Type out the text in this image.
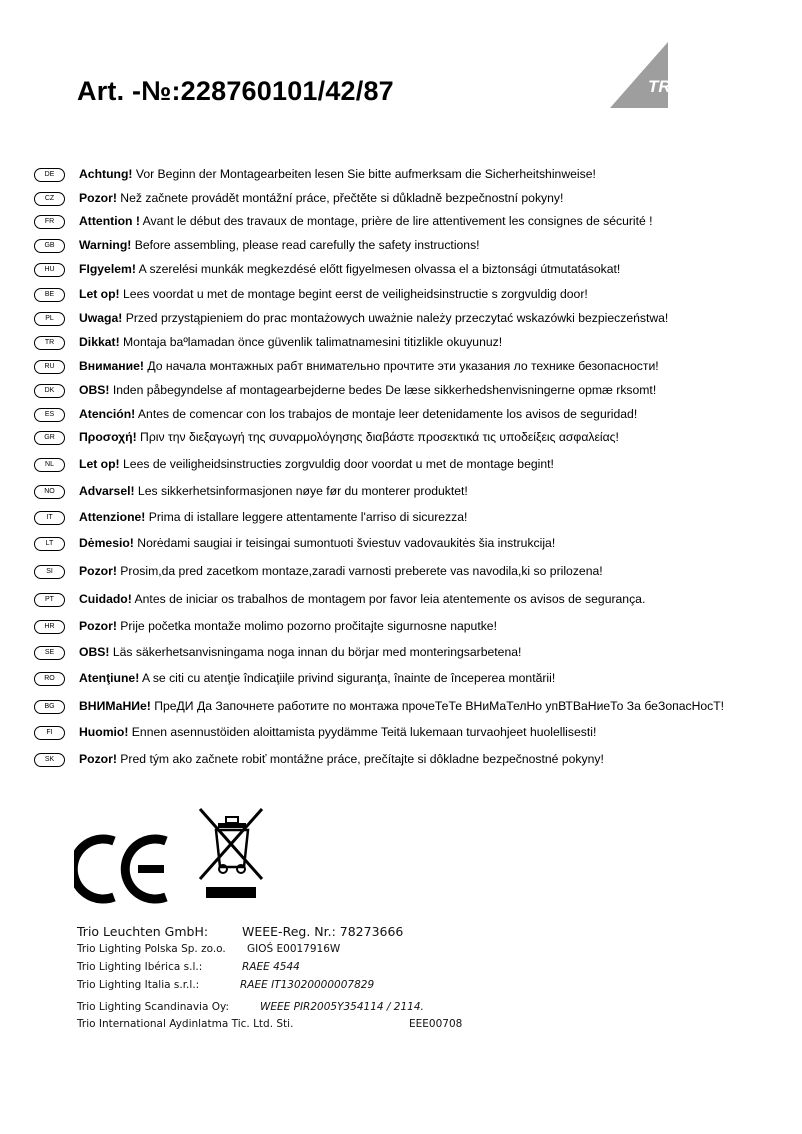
Art. -№:228760101/42/87	TRIO
DE	Achtung! Vor Beginn der Montagearbeiten lesen Sie bitte aufmerksam die Sicherheitshinweise!
CZ	Pozor! Než začnete provádět montážní práce, přečtěte si důkladně bezpečnostní pokyny!
FR	Attention ! Avant le début des travaux de montage, prière de lire attentivement les consignes de sécurité !
GB	Warning! Before assembling, please read carefully the safety instructions!
HU	FIgyelem! A szerelési munkák megkezdésé előtt figyelmesen olvassa el a biztonsági útmutatásokat!
BE	Let op! Lees voordat u met de montage begint eerst de veiligheidsinstructie s zorgvuldig door!
PL	Uwaga! Przed przystąpieniem do prac montażowych uważnie należy przeczytać wskazówki bezpieczeństwa!
TR	Dikkat! Montaja baºlamadan önce güvenlik talimatnamesini titizlikle okuyunuz!
RU	Внимание! До начала монтажных рабт внимательно прочтите эти указания ло технике безопасности!
DK	OBS! Inden påbegyndelse af montagearbejderne bedes De læse sikkerhedshenvisningerne opmæ rksomt!
ES	Atención! Antes de comencar con los trabajos de montaje leer detenidamente los avisos de seguridad!
GR	Προσοχή! Πριν την διεξαγωγή της συναρμολόγησης διαβάστε προσεκτικά τις υποδείξεις ασφαλείας!
NL	Let op! Lees de veiligheidsinstructies zorgvuldig door voordat u met de montage begint!
NO	Advarsel! Les sikkerhetsinformasjonen nøye før du monterer produktet!
IT	Attenzione! Prima di istallare leggere attentamente l'arriso di sicurezza!
LT	Dėmesio! Norėdami saugiai ir teisingai sumontuoti šviestuv vadovaukitės šia instrukcija!
SI	Pozor! Prosim,da pred zacetkom montaze,zaradi varnosti preberete vas navodila,ki so prilozena!
PT	Cuidado! Antes de iniciar os trabalhos de montagem por favor leia atentemente os avisos de segurança.
HR	Pozor! Prije početka montaže molimo pozorno pročitajte sigurnosne naputke!
SE	OBS! Läs säkerhetsanvisningama noga innan du börjar med monteringsarbetena!
RO	Atenţiune! A se citi cu atenţie îndicaţiile privind siguranţa, înainte de începerea montării!
BG	ВНИМаНИе! ПреДИ Да Започнете работите по монтажа прочеТеТе ВНиМаТелНо упВТВаНиеТо За беЗопасНосТ!
FI	Huomio! Ennen asennustöiden aloittamista pyydämme Teitä lukemaan turvaohjeet huolellisesti!
SK	Pozor! Pred tým ako začnete robiť montážne práce, prečítajte si dôkladne bezpečnostné pokyny!
Trio Leuchten GmbH:	WEEE-Reg. Nr.: 78273666
Trio Lighting Polska Sp. zo.o. GIOŚ E0017916W
Trio Lighting Ibérica s.l.:	RAEE 4544
Trio Lighting Italia s.r.l.:	RAEE IT13020000007829
Trio Lighting Scandinavia Oy:	WEEE PIR2005Y354114 / 2114.
Trio International Aydinlatma Tic. Ltd. Sti.	EEE00708
